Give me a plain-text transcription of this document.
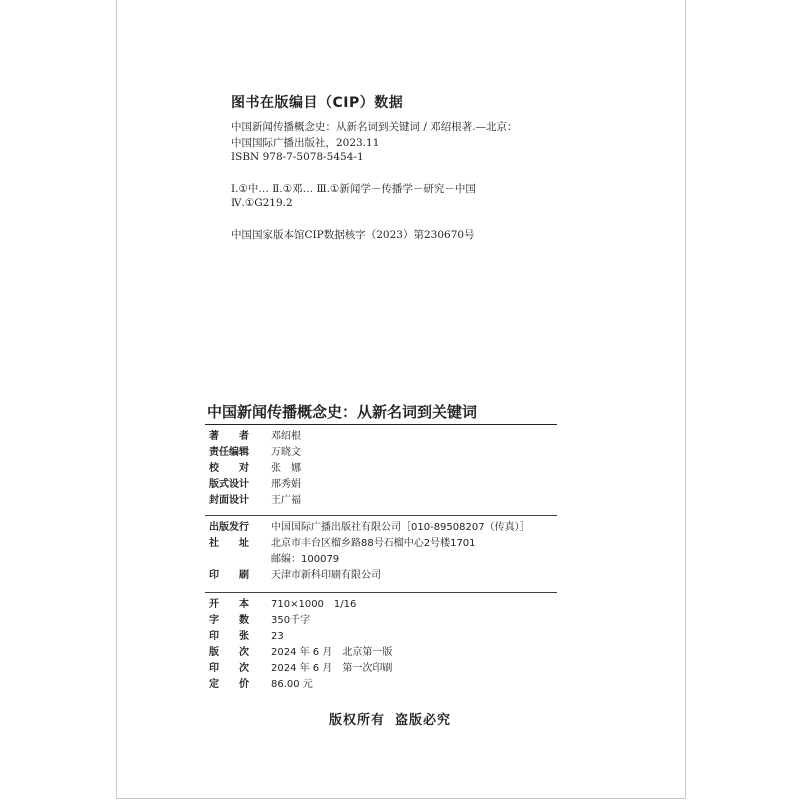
图书在版编目（CIP）数据
中国新闻传播概念史：从新名词到关键词 / 邓绍根著.—北京：
中国国际广播出版社，2023.11
ISBN 978-7-5078-5454-1
Ⅰ.①中… Ⅱ.①邓… Ⅲ.①新闻学－传播学－研究－中国
Ⅳ.①G219.2
中国国家版本馆CIP数据核字（2023）第230670号
中国新闻传播概念史：从新名词到关键词
著　　者	邓绍根
责任编辑	万晓文
校　　对	张　娜
版式设计	邢秀娟
封面设计	王广福
出版发行	中国国际广播出版社有限公司［010-89508207（传真）］
社　　址	北京市丰台区榴乡路88号石榴中心2号楼1701
邮编：100079
印　　刷	天津市新科印刷有限公司
开　　本	710×1000　1/16
字　　数	350千字
印　　张	23
版　　次	2024 年 6 月　北京第一版
印　　次	2024 年 6 月　第一次印刷
定　　价	86.00 元
版权所有 盗版必究
